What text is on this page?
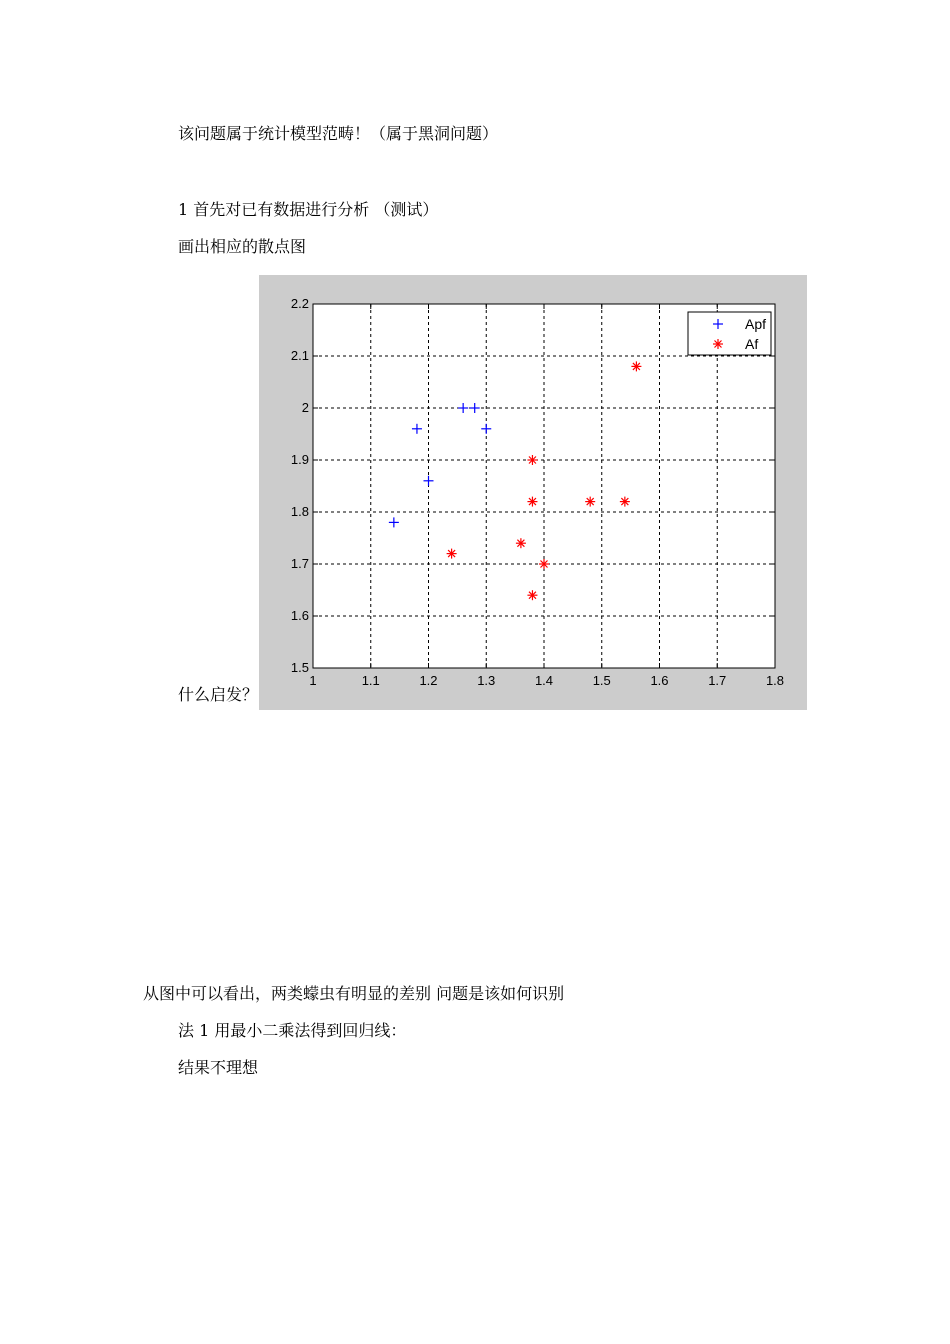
该问题属于统计模型范畴！（属于黑洞问题）
1 首先对已有数据进行分析 （测试）
画出相应的散点图
1	1.1	1.2	1.3	1.4	1.5	1.6	1.7	1.8
1.5
1.6
1.7
1.8
1.9
2
2.1
2.2
Apf
Af
什么启发？
从图中可以看出，两类蠓虫有明显的差别 问题是该如何识别
法 1 用最小二乘法得到回归线：
结果不理想
